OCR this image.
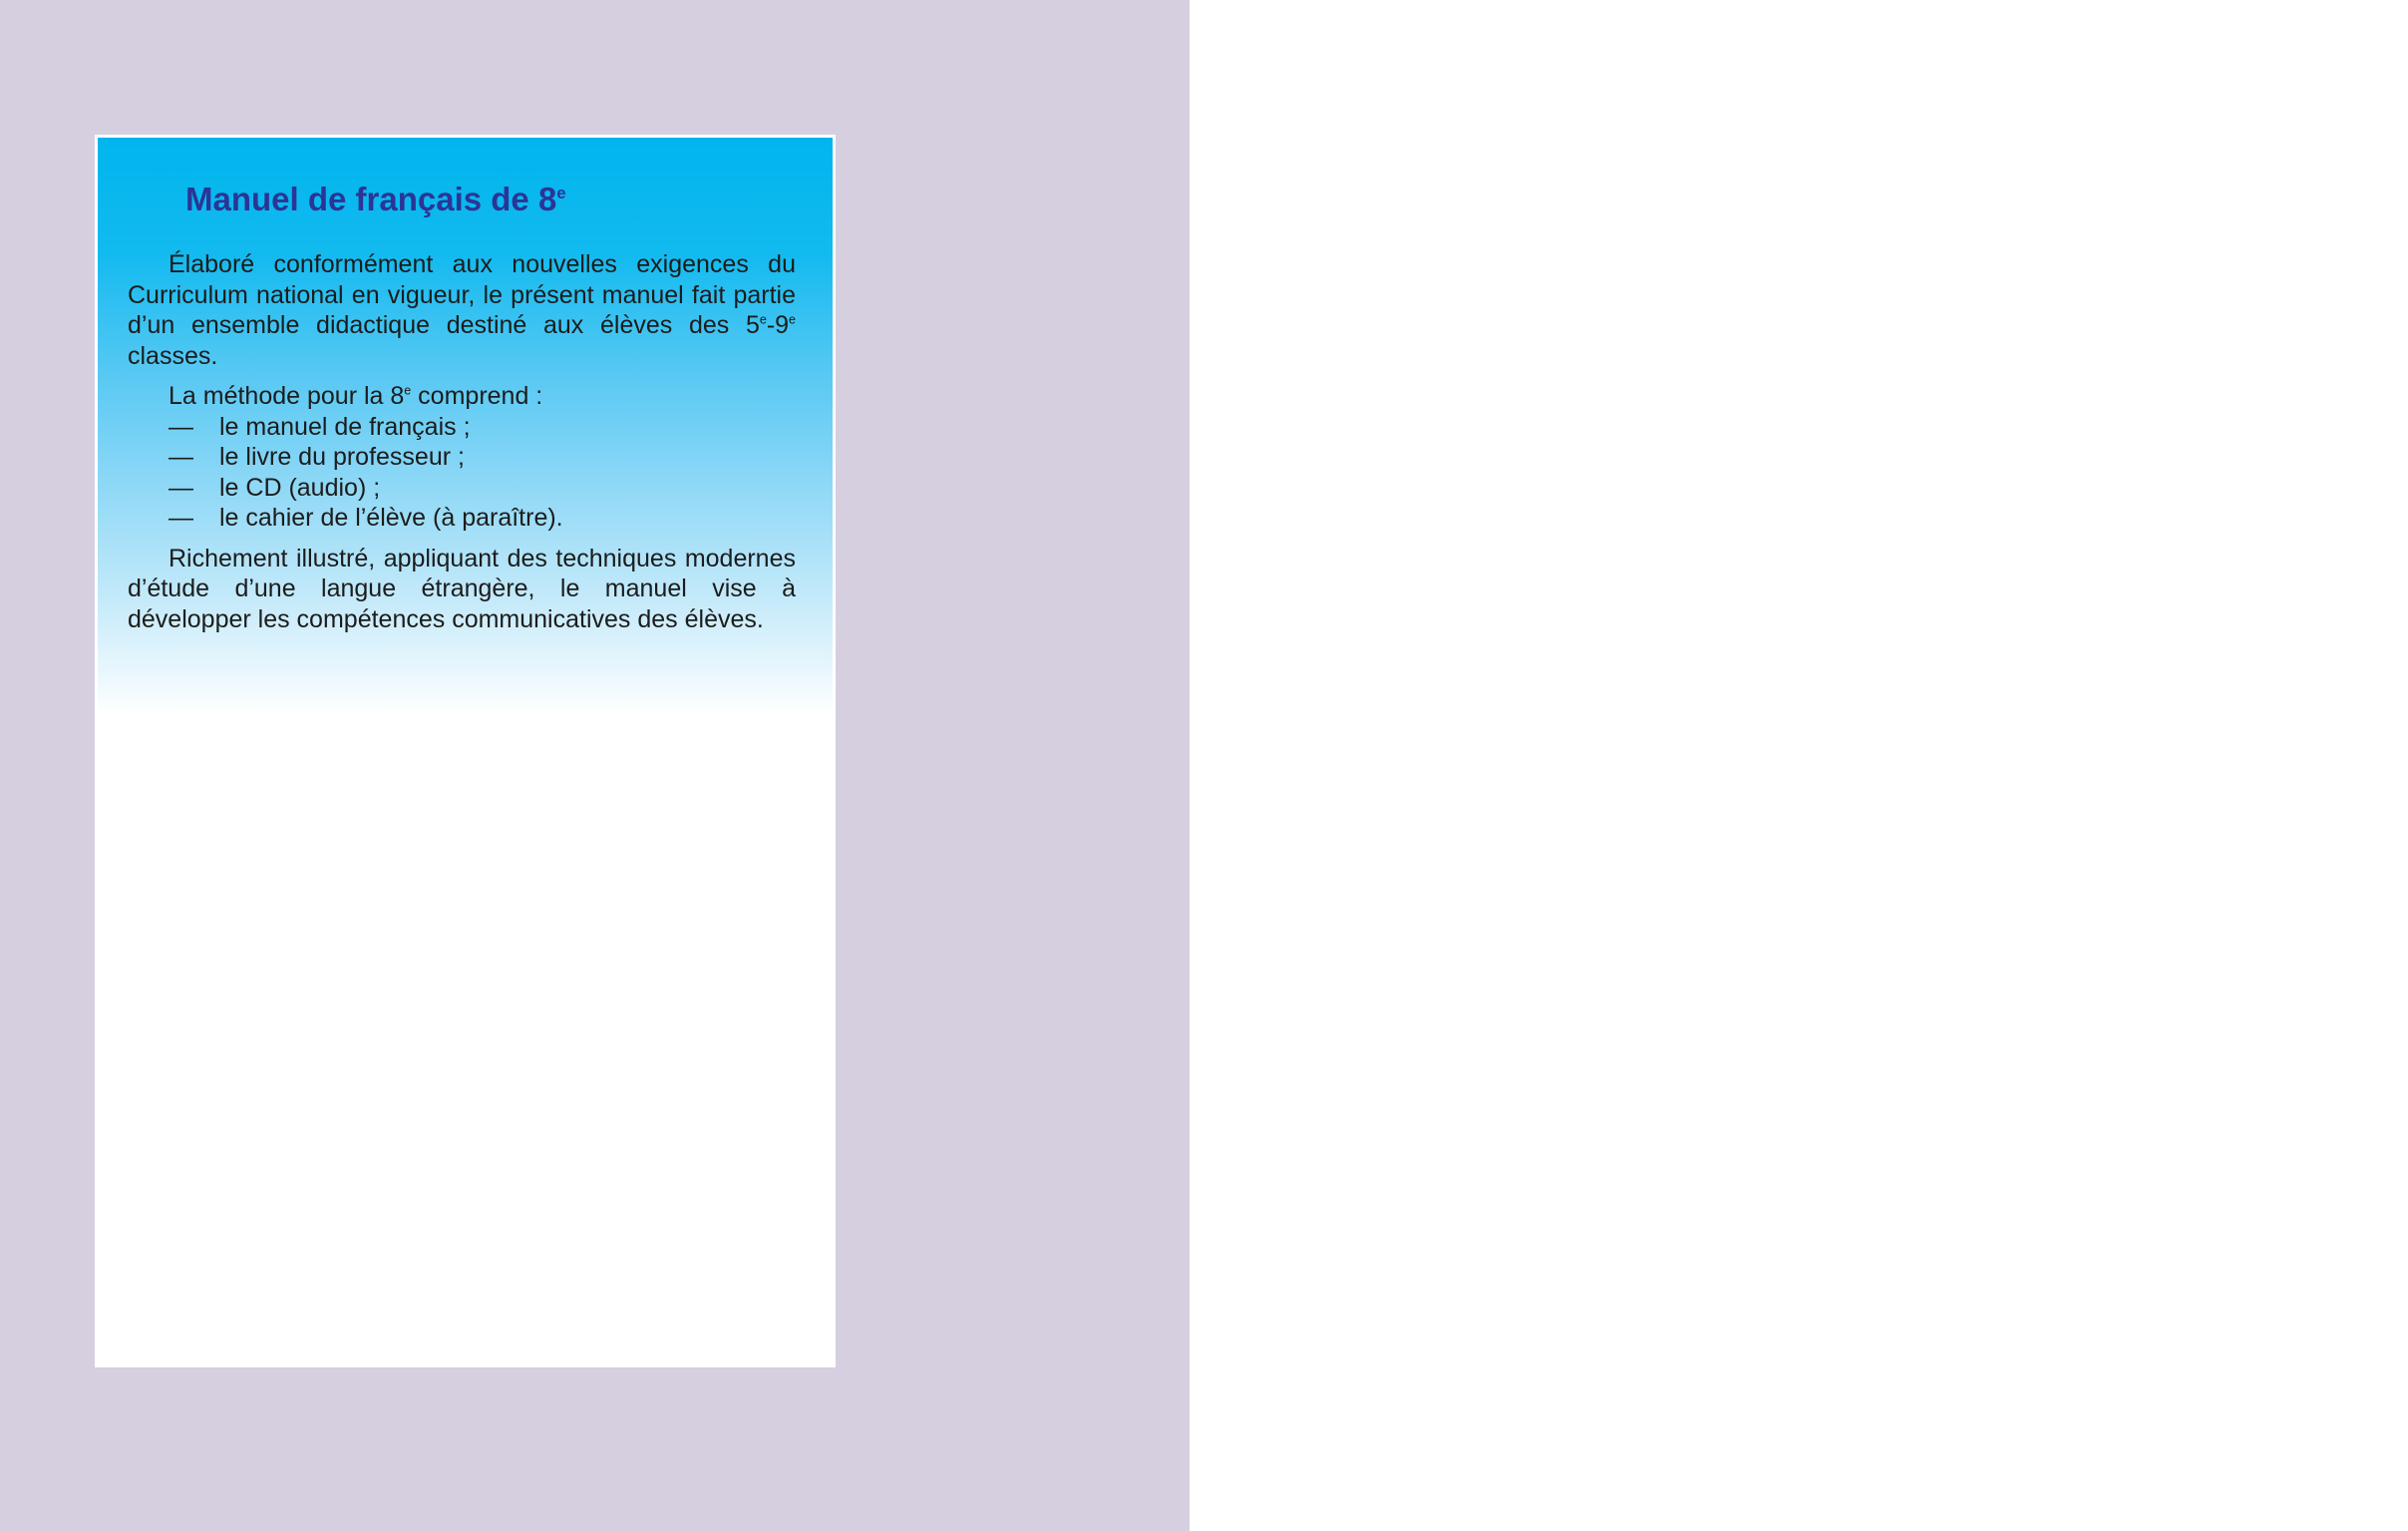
Manuel de français de 8e

Élaboré conformément aux nouvelles exigences du Curriculum national en vigueur, le présent manuel fait partie d’un ensemble didactique destiné aux élèves des 5e-9e classes.

La méthode pour la 8e comprend :

— le manuel de français ;
— le livre du professeur ;
— le CD (audio) ;
— le cahier de l’élève (à paraître).

Richement illustré, appliquant des techniques modernes d’étude d’une langue étrangère, le manuel vise à développer les compétences communicatives des élèves.
